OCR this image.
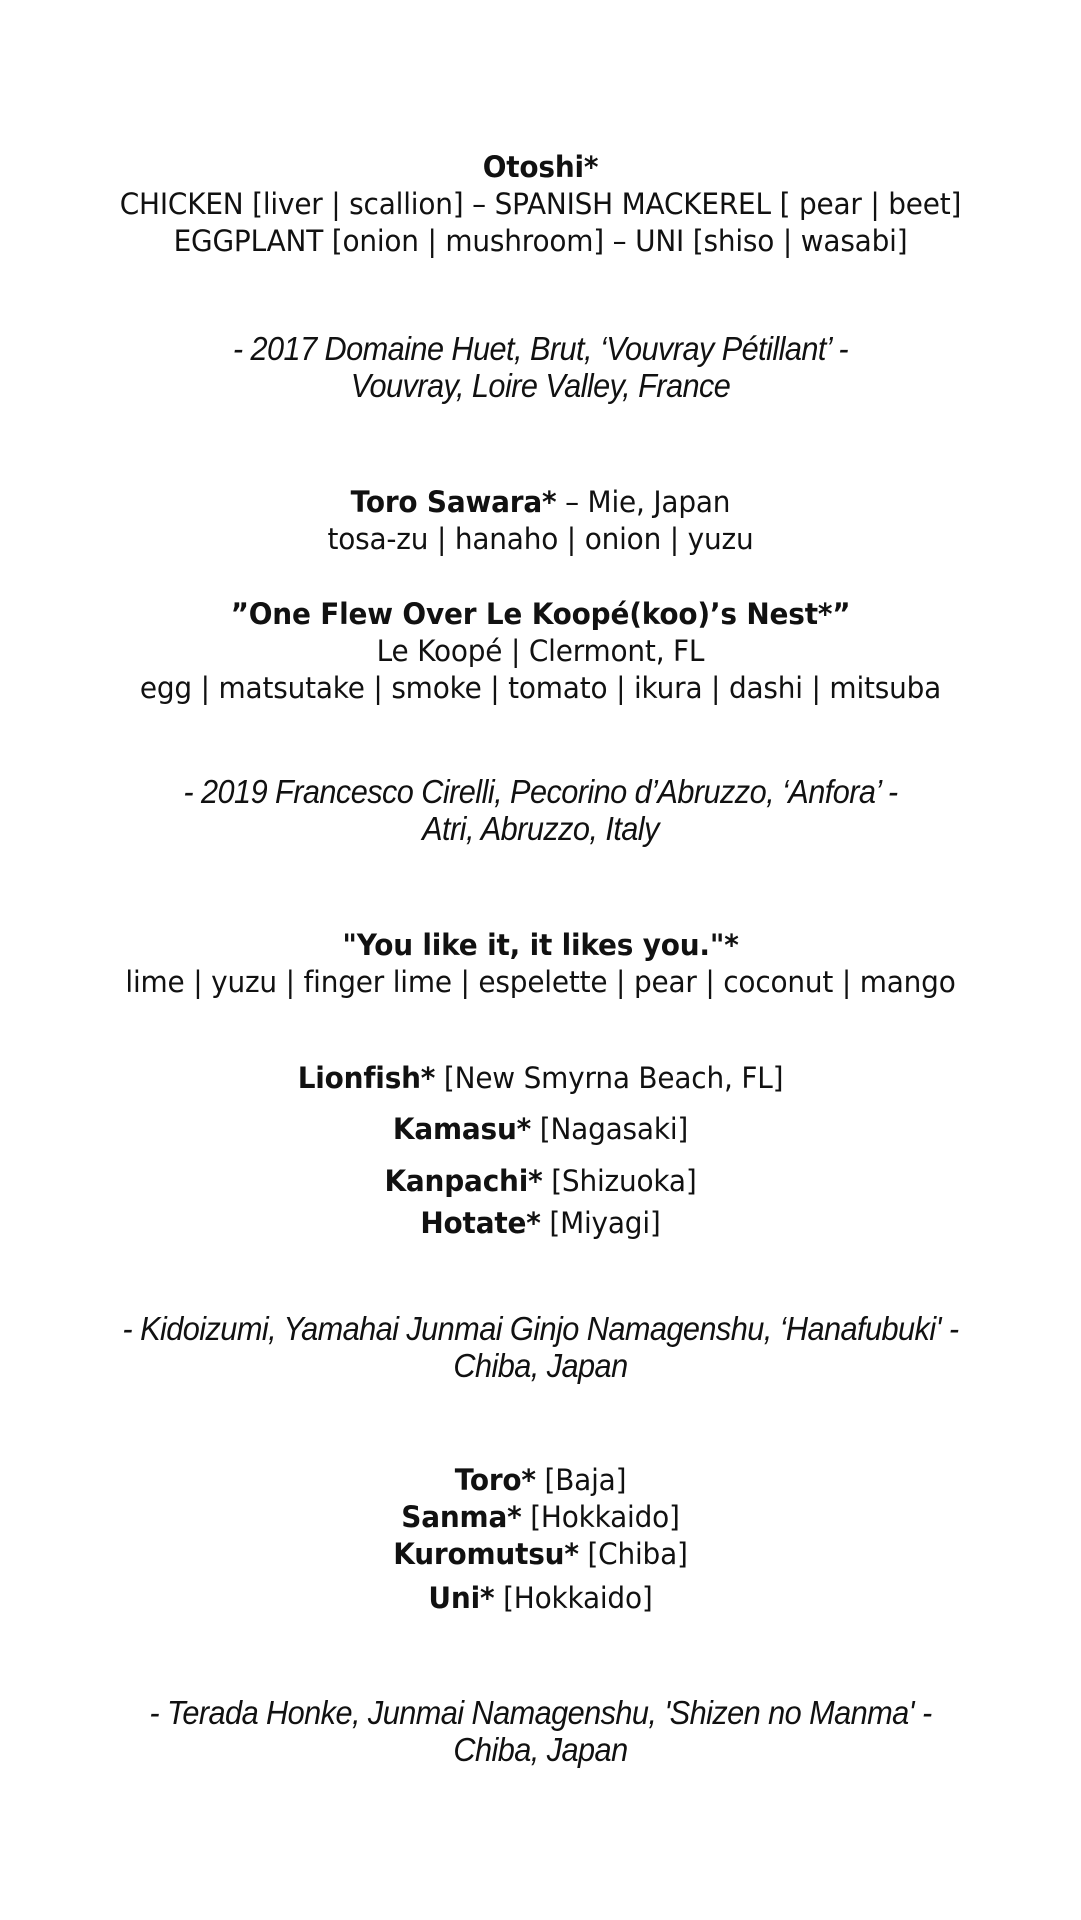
Otoshi*
CHICKEN [liver | scallion] – SPANISH MACKEREL [ pear | beet]
EGGPLANT [onion | mushroom] – UNI [shiso | wasabi]
- 2017 Domaine Huet, Brut, ‘Vouvray Pétillant’ -
Vouvray, Loire Valley, France
Toro Sawara* – Mie, Japan
tosa-zu | hanaho | onion | yuzu
”One Flew Over Le Koopé(koo)’s Nest*”
Le Koopé | Clermont, FL
egg | matsutake | smoke | tomato | ikura | dashi | mitsuba
- 2019 Francesco Cirelli, Pecorino d’Abruzzo, ‘Anfora’ -
Atri, Abruzzo, Italy
"You like it, it likes you."*
lime | yuzu | finger lime | espelette | pear | coconut | mango
Lionfish* [New Smyrna Beach, FL]
Kamasu* [Nagasaki]
Kanpachi* [Shizuoka]
Hotate* [Miyagi]
- Kidoizumi, Yamahai Junmai Ginjo Namagenshu, ‘Hanafubuki' -
Chiba, Japan
Toro* [Baja]
Sanma* [Hokkaido]
Kuromutsu* [Chiba]
Uni* [Hokkaido]
- Terada Honke, Junmai Namagenshu, 'Shizen no Manma' -
Chiba, Japan
